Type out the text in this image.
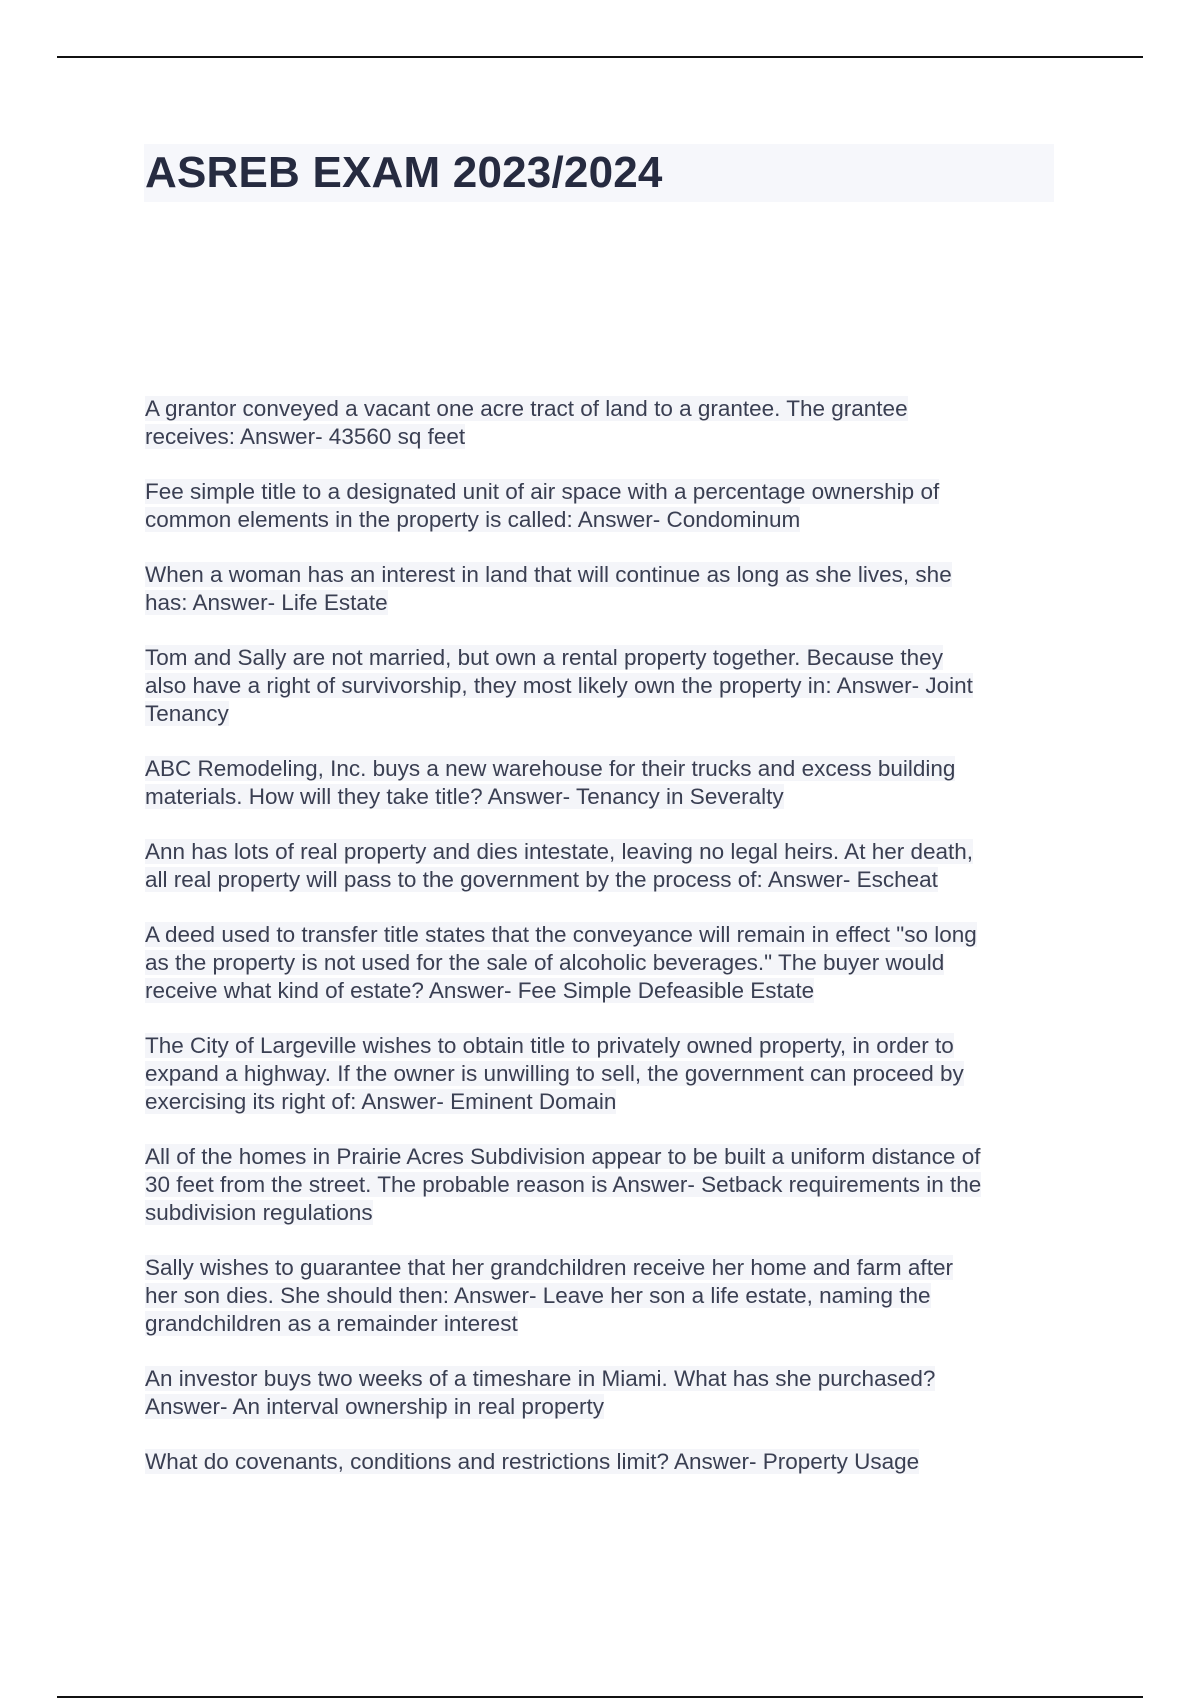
ASREB EXAM 2023/2024
A grantor conveyed a vacant one acre tract of land to a grantee. The grantee
receives: Answer- 43560 sq feet
Fee simple title to a designated unit of air space with a percentage ownership of
common elements in the property is called: Answer- Condominum
When a woman has an interest in land that will continue as long as she lives, she
has: Answer- Life Estate
Tom and Sally are not married, but own a rental property together. Because they
also have a right of survivorship, they most likely own the property in: Answer- Joint
Tenancy
ABC Remodeling, Inc. buys a new warehouse for their trucks and excess building
materials. How will they take title? Answer- Tenancy in Severalty
Ann has lots of real property and dies intestate, leaving no legal heirs. At her death,
all real property will pass to the government by the process of: Answer- Escheat
A deed used to transfer title states that the conveyance will remain in effect "so long
as the property is not used for the sale of alcoholic beverages." The buyer would
receive what kind of estate? Answer- Fee Simple Defeasible Estate
The City of Largeville wishes to obtain title to privately owned property, in order to
expand a highway. If the owner is unwilling to sell, the government can proceed by
exercising its right of: Answer- Eminent Domain
All of the homes in Prairie Acres Subdivision appear to be built a uniform distance of
30 feet from the street. The probable reason is Answer- Setback requirements in the
subdivision regulations
Sally wishes to guarantee that her grandchildren receive her home and farm after
her son dies. She should then: Answer- Leave her son a life estate, naming the
grandchildren as a remainder interest
An investor buys two weeks of a timeshare in Miami. What has she purchased?
Answer- An interval ownership in real property
What do covenants, conditions and restrictions limit? Answer- Property Usage
